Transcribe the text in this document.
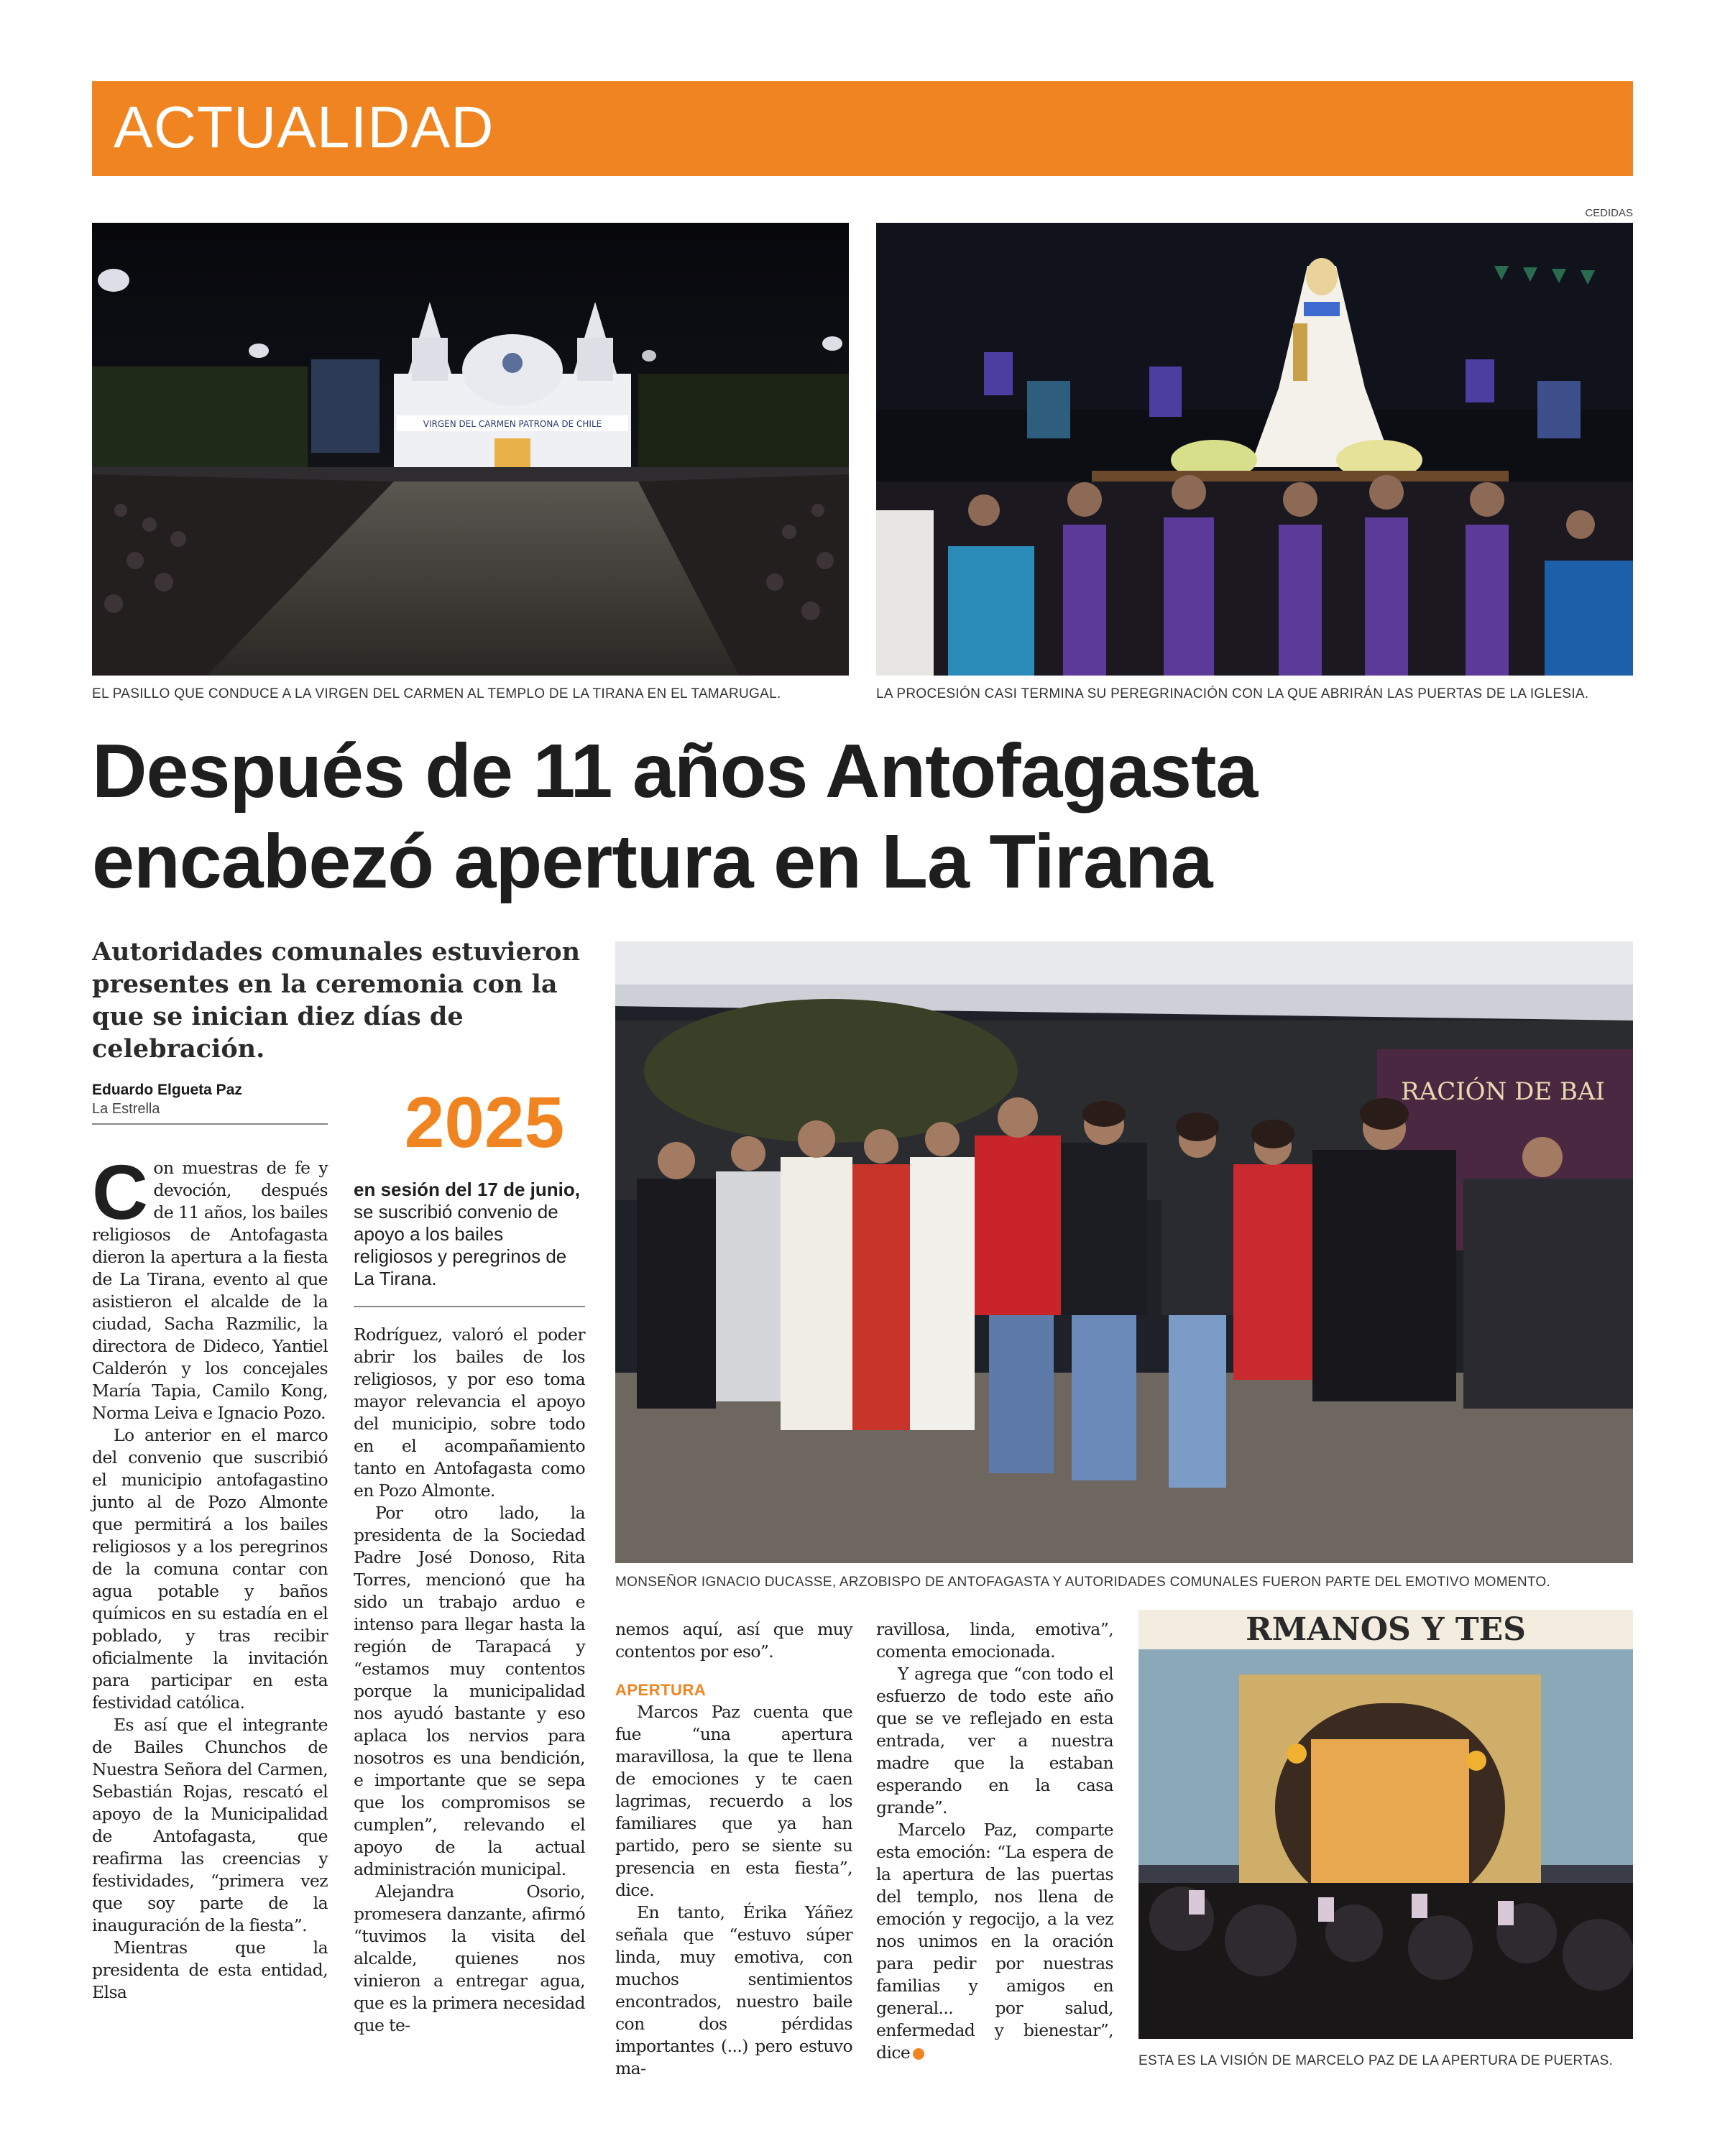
ACTUALIDAD
CEDIDAS
VIRGEN DEL CARMEN PATRONA DE CHILE
EL PASILLO QUE CONDUCE A LA VIRGEN DEL CARMEN AL TEMPLO DE LA TIRANA EN EL TAMARUGAL.	LA PROCESIÓN CASI TERMINA SU PEREGRINACIÓN CON LA QUE ABRIRÁN LAS PUERTAS DE LA IGLESIA.
Después de 11 años Antofagasta
encabezó apertura en La Tirana
Autoridades comunales estuvieron presentes en la ceremonia con la que se inician diez días de celebración.
RACIÓN DE BAI
MONSEÑOR IGNACIO DUCASSE, ARZOBISPO DE ANTOFAGASTA Y AUTORIDADES COMUNALES FUERON PARTE DEL EMOTIVO MOMENTO.
RMANOS Y TES
ESTA ES LA VISIÓN DE MARCELO PAZ DE LA APERTURA DE PUERTAS.
Eduardo Elgueta Paz
La Estrella	2025
en sesión del 17 de junio, se suscribió convenio de apoyo a los bailes religiosos y peregrinos de La Tirana.

Con muestras de fe y devoción, después de 11 años, los bailes religiosos de Antofagasta dieron la apertura a la fiesta de La Tirana, evento al que asistieron el alcalde de la ciudad, Sacha Razmilic, la directora de Dideco, Yantiel Calderón y los concejales María Tapia, Camilo Kong, Norma Leiva e Ignacio Pozo.

Lo anterior en el marco del convenio que suscribió el municipio antofagastino junto al de Pozo Almonte que permitirá a los bailes religiosos y a los peregrinos de la comuna contar con agua potable y baños químicos en su estadía en el poblado, y tras recibir oficialmente la invitación para participar en esta festividad católica.

Es así que el integrante de Bailes Chunchos de Nuestra Señora del Carmen, Sebastián Rojas, rescató el apoyo de la Municipalidad de Antofagasta, que reafirma las creencias y festividades, “primera vez que soy parte de la inauguración de la fiesta”.

Mientras que la presidenta de esta entidad, Elsa

Rodríguez, valoró el poder abrir los bailes de los religiosos, y por eso toma mayor relevancia el apoyo del municipio, sobre todo en el acompañamiento tanto en Antofagasta como en Pozo Almonte.

Por otro lado, la presidenta de la Sociedad Padre José Donoso, Rita Torres, mencionó que ha sido un trabajo arduo e intenso para llegar hasta la región de Tarapacá y “estamos muy contentos porque la municipalidad nos ayudó bastante y eso aplaca los nervios para nosotros es una bendición, e importante que se sepa que los compromisos se cumplen”, relevando el apoyo de la actual administración municipal.

Alejandra Osorio, promesera danzante, afirmó “tuvimos la visita del alcalde, quienes nos vinieron a entregar agua, que es la primera necesidad que te-

nemos aquí, así que muy contentos por eso”.

APERTURA

Marcos Paz cuenta que fue “una apertura maravillosa, la que te llena de emociones y te caen lagrimas, recuerdo a los familiares que ya han partido, pero se siente su presencia en esta fiesta”, dice.

En tanto, Érika Yáñez señala que “estuvo súper linda, muy emotiva, con muchos sentimientos encontrados, nuestro baile con dos pérdidas importantes (...) pero estuvo ma-

ravillosa, linda, emotiva”, comenta emocionada.

Y agrega que “con todo el esfuerzo de todo este año que se ve reflejado en esta entrada, ver a nuestra madre que la estaban esperando en la casa grande”.

Marcelo Paz, comparte esta emoción: “La espera de la apertura de las puertas del templo, nos llena de emoción y regocijo, a la vez nos unimos en la oración para pedir por nuestras familias y amigos en general... por salud, enfermedad y bienestar”, dice
